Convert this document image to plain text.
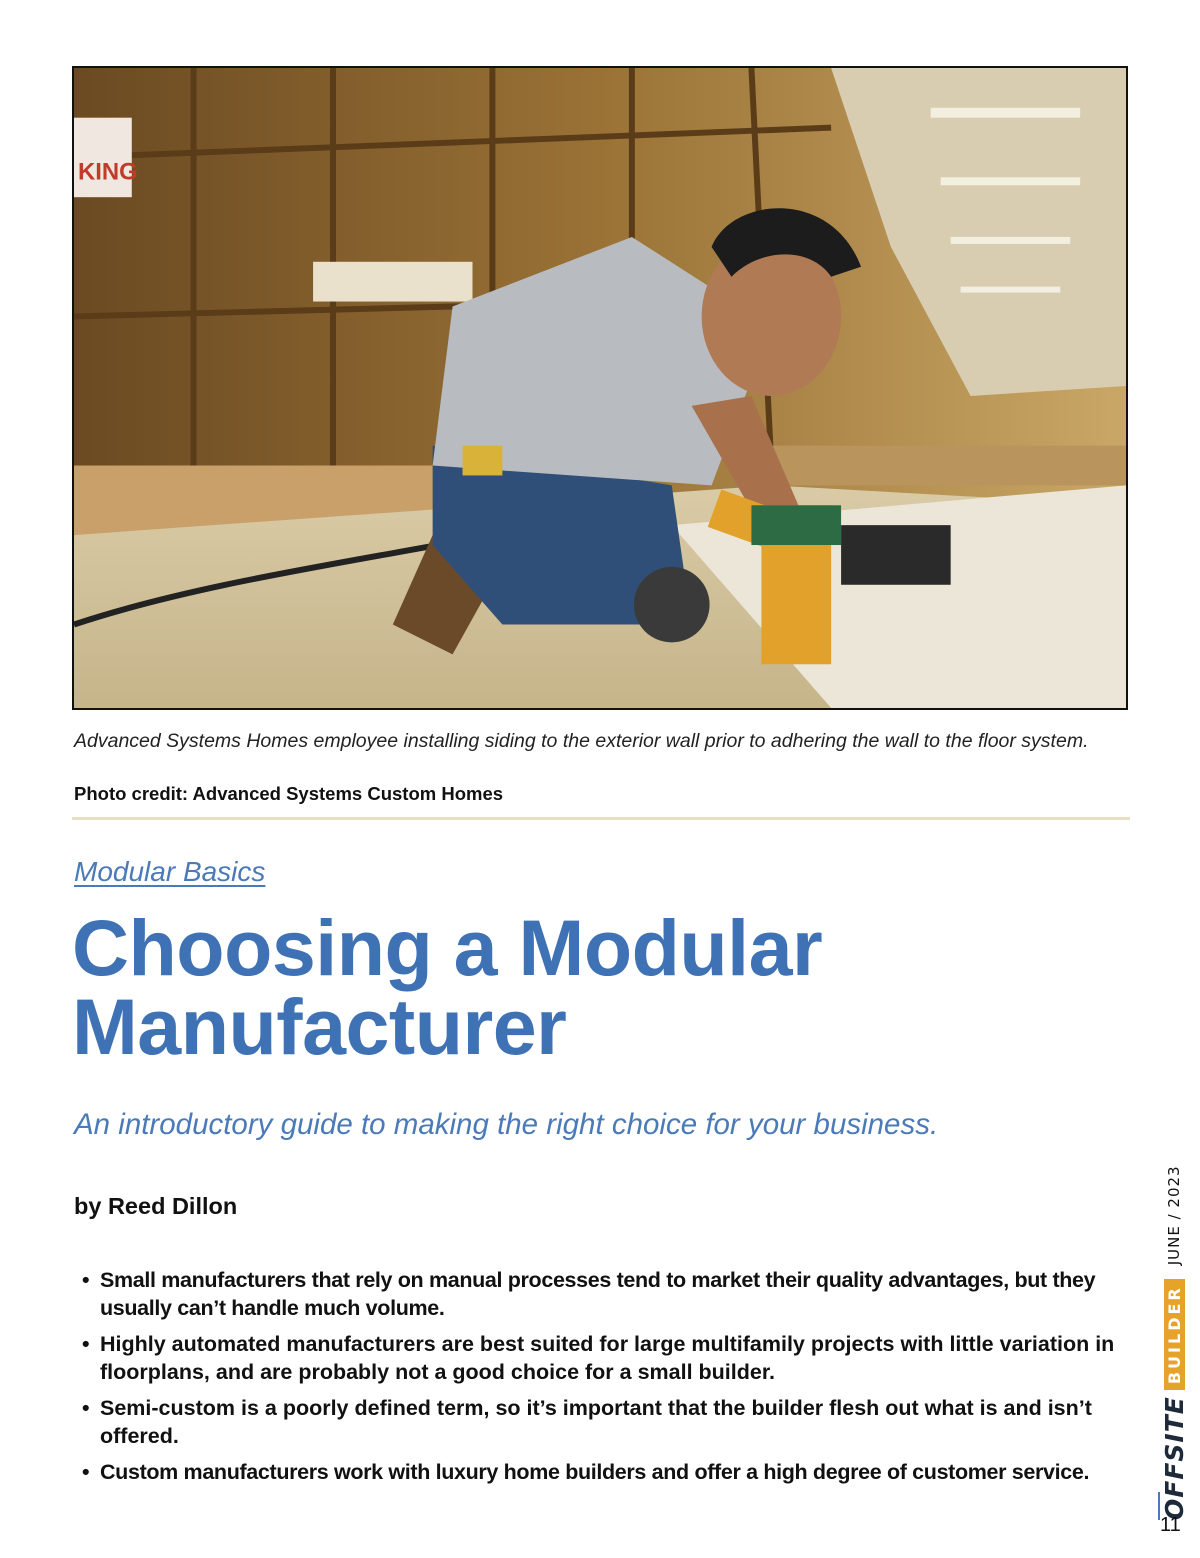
KING
Advanced Systems Homes employee installing siding to the exterior wall prior to adhering the wall to the floor system.
Photo credit: Advanced Systems Custom Homes
Modular Basics
Choosing a Modular
Manufacturer
An introductory guide to making the right choice for your business.
by Reed Dillon
• Small manufacturers that rely on manual processes tend to market their quality advantages, but they usually can’t handle much volume.
• Highly automated manufacturers are best suited for large multifamily projects with little variation in floorplans, and are probably not a good choice for a small builder.
• Semi-custom is a poorly defined term, so it’s important that the builder flesh out what is and isn’t offered.
• Custom manufacturers work with luxury home builders and offer a high degree of customer service.	OFFSITE
BUILDER
JUNE / 2023
11
